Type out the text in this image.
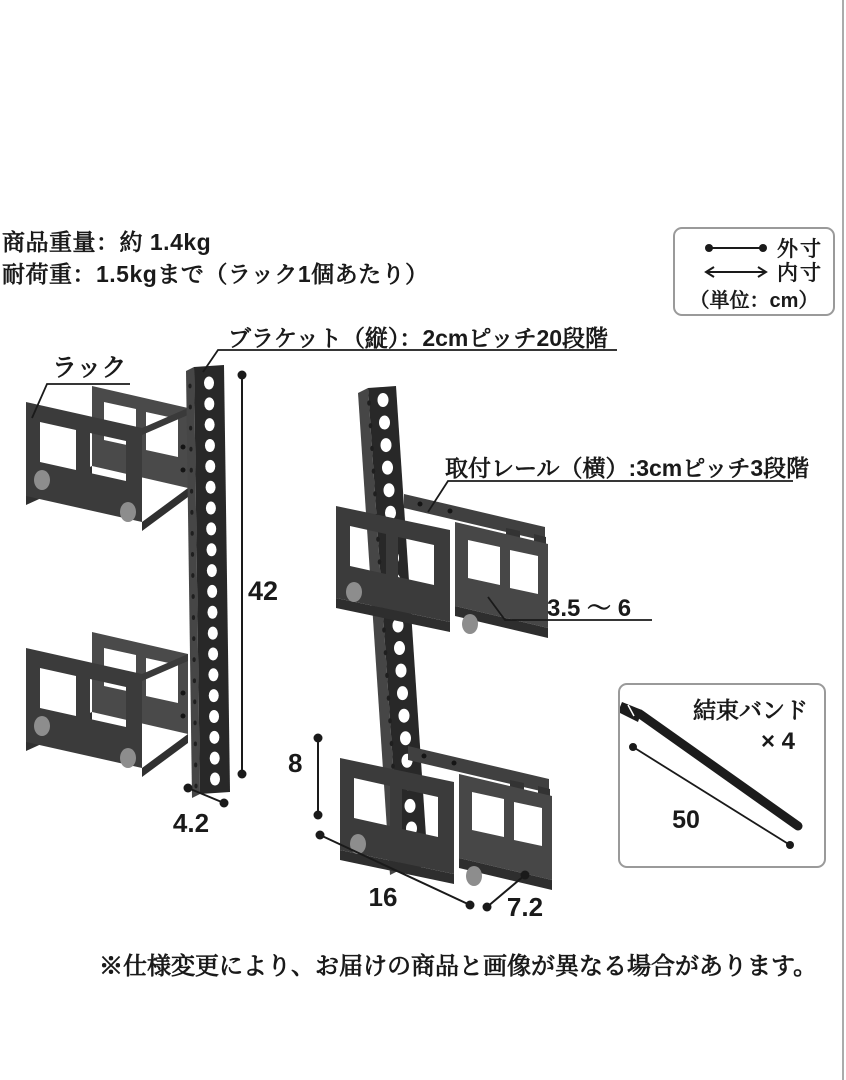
商品重量：約 1.4kg
耐荷重：1.5kgまで（ラック1個あたり）
外寸
内寸
（単位：cm）
ラック
ブラケット（縦）：2cmピッチ20段階
取付レール（横）:3cmピッチ3段階
3.5 〜 6
42
4.2
8
16	7.2
結束バンド
× 4
50
※仕様変更により、お届けの商品と画像が異なる場合があります。
